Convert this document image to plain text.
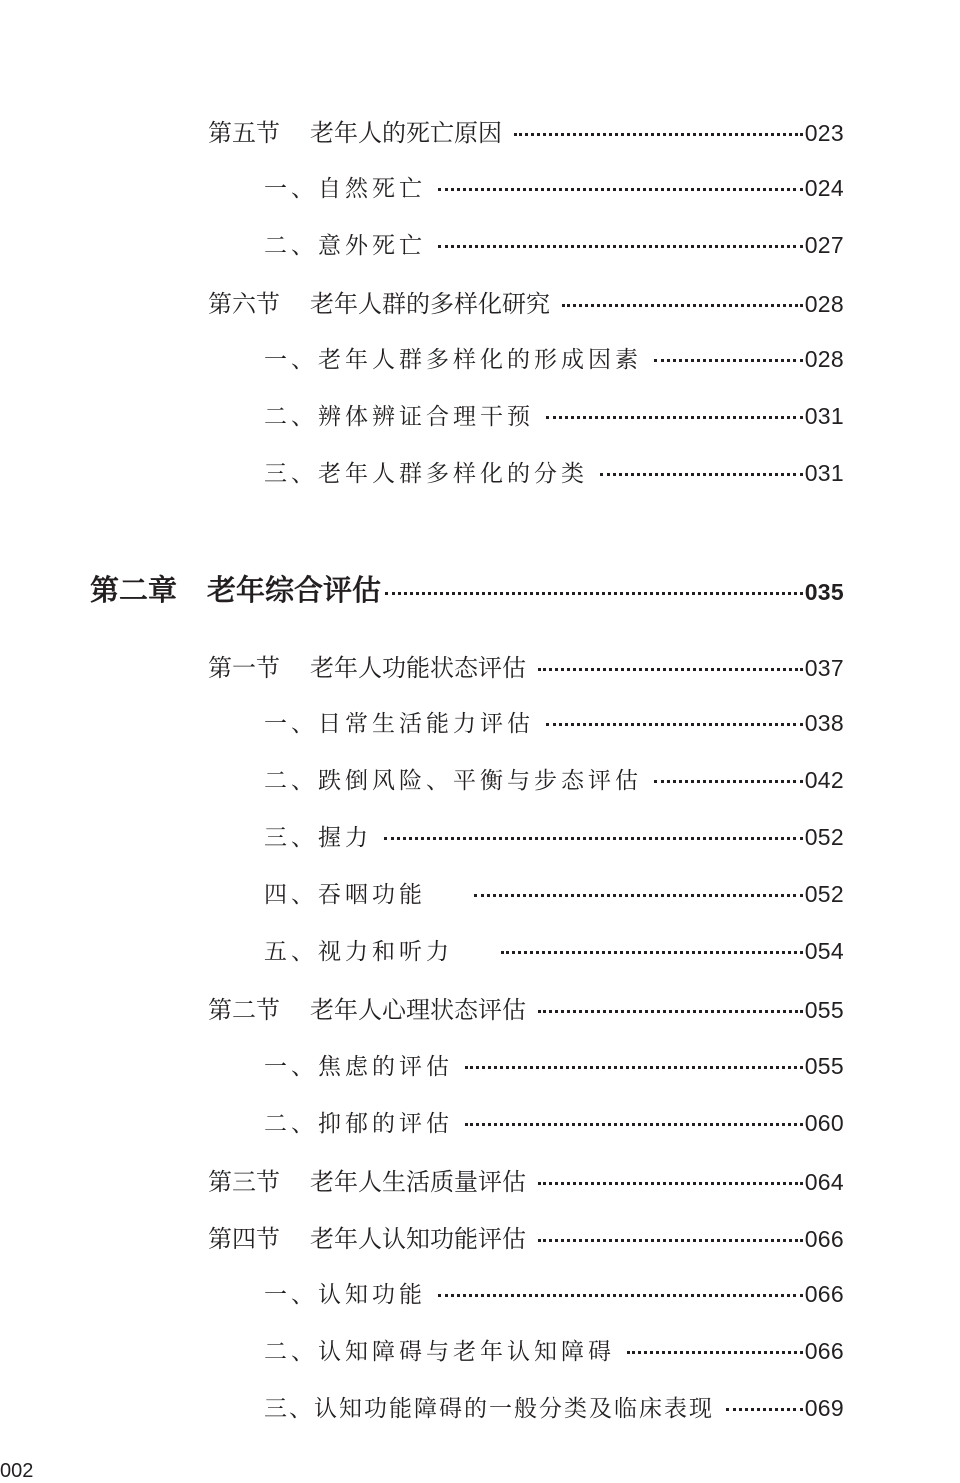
第五节 老年人的死亡原因	023
一、自然死亡	024
二、意外死亡	027
第六节 老年人群的多样化研究	028
一、老年人群多样化的形成因素	028
二、辨体辨证合理干预	031
三、老年人群多样化的分类	031
第二章 老年综合评估	035
第一节 老年人功能状态评估	037
一、日常生活能力评估	038
二、跌倒风险、平衡与步态评估	042
三、握力	052
四、吞咽功能	052
五、视力和听力	054
第二节 老年人心理状态评估	055
一、焦虑的评估	055
二、抑郁的评估	060
第三节 老年人生活质量评估	064
第四节 老年人认知功能评估	066
一、认知功能	066
二、认知障碍与老年认知障碍	066
三、认知功能障碍的一般分类及临床表现	069
002
